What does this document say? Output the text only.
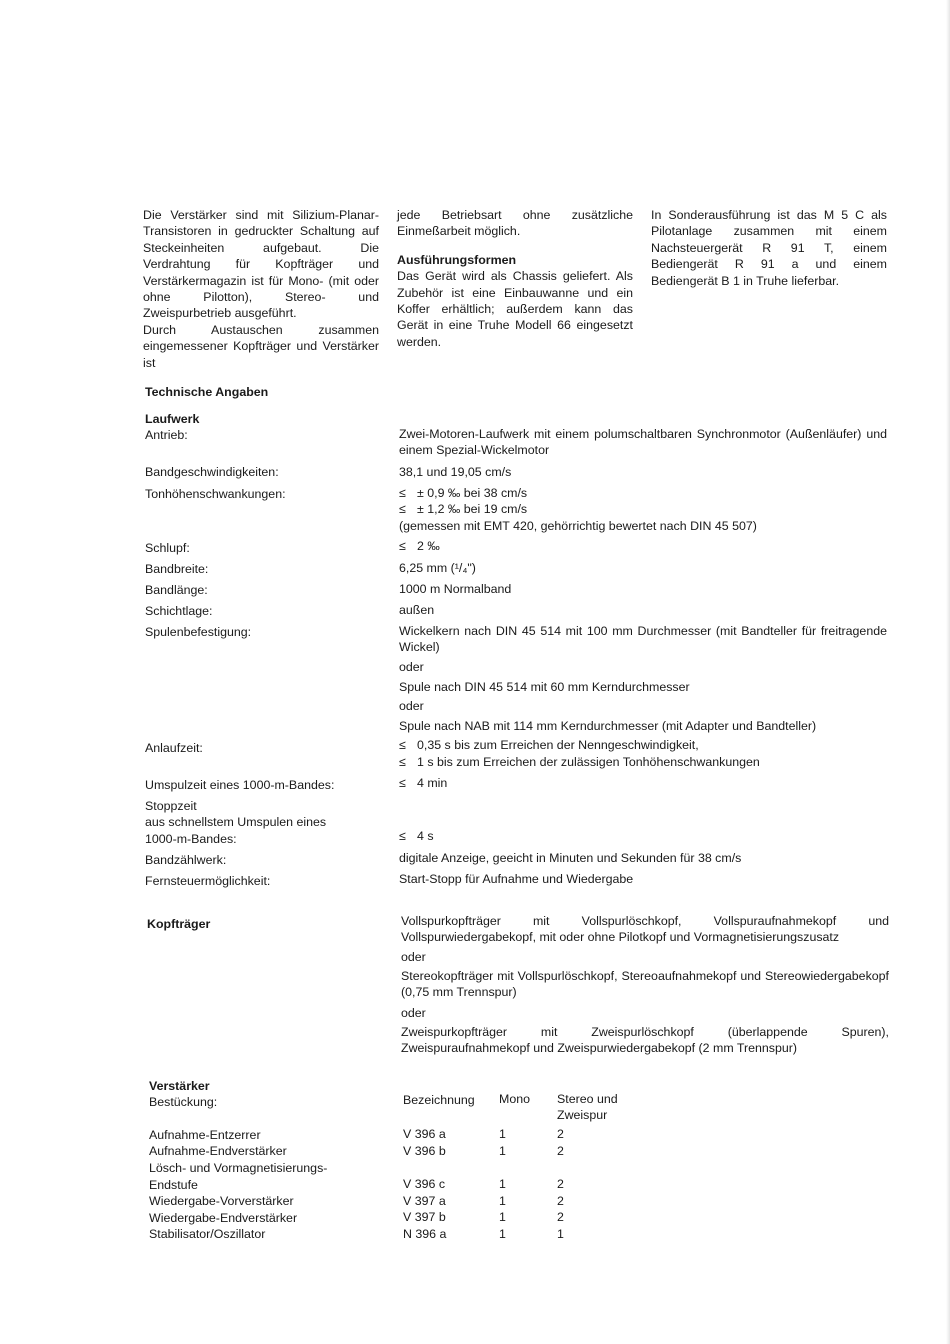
Die Verstärker sind mit Silizium-Planar-Transistoren in gedruckter Schaltung auf Steckeinheiten aufgebaut. Die Verdrahtung für Kopfträger und Verstärkermagazin ist für Mono- (mit oder ohne Pilotton), Stereo- und Zweispurbetrieb ausgeführt.

Durch Austauschen zusammen eingemessener Kopfträger und Verstärker ist

jede Betriebsart ohne zusätzliche Einmeßarbeit möglich.

Ausführungsformen

Das Gerät wird als Chassis geliefert. Als Zubehör ist eine Einbauwanne und ein Koffer erhältlich; außerdem kann das Gerät in eine Truhe Modell 66 eingesetzt werden.

In Sonderausführung ist das M 5 C als Pilotanlage zusammen mit einem Nachsteuergerät R 91 T, einem Bediengerät R 91 a und einem Bediengerät B 1 in Truhe lieferbar.

Technische Angaben
Laufwerk
Antrieb:	Zwei-Motoren-Laufwerk mit einem polumschaltbaren Synchronmotor (Außenläufer) und einem Spezial-Wickelmotor
Bandgeschwindigkeiten:	38,1 und 19,05 cm/s
Tonhöhenschwankungen:	≤ ± 0,9 ‰ bei 38 cm/s
≤ ± 1,2 ‰ bei 19 cm/s
(gemessen mit EMT 420, gehörrichtig bewertet nach DIN 45 507)
Schlupf:	≤ 2 ‰
Bandbreite:	6,25 mm (¹/₄")
Bandlänge:	1000 m Normalband
Schichtlage:	außen
Spulenbefestigung:	Wickelkern nach DIN 45 514 mit 100 mm Durchmesser (mit Bandteller für freitragende Wickel)
oder
Spule nach DIN 45 514 mit 60 mm Kerndurchmesser
oder
Spule nach NAB mit 114 mm Kerndurchmesser (mit Adapter und Bandteller)
Anlaufzeit:	≤ 0,35 s bis zum Erreichen der Nenngeschwindigkeit,
≤ 1 s bis zum Erreichen der zulässigen Tonhöhenschwankungen
Umspulzeit eines 1000-m-Bandes:	≤ 4 min
Stoppzeit
aus schnellstem Umspulen eines
1000-m-Bandes:	≤ 4 s
Bandzählwerk:	digitale Anzeige, geeicht in Minuten und Sekunden für 38 cm/s
Fernsteuermöglichkeit:	Start-Stopp für Aufnahme und Wiedergabe
Kopfträger	Vollspurkopfträger mit Vollspurlöschkopf, Vollspuraufnahmekopf und Vollspurwiedergabekopf, mit oder ohne Pilotkopf und Vormagnetisierungszusatz
oder
Stereokopfträger mit Vollspurlöschkopf, Stereoaufnahmekopf und Stereowiedergabekopf (0,75 mm Trennspur)
oder
Zweispurkopfträger mit Zweispurlöschkopf (überlappende Spuren), Zweispuraufnahmekopf und Zweispurwiedergabekopf (2 mm Trennspur)
Verstärker
Bestückung:	Bezeichnung Mono Stereo und
Zweispur
Aufnahme-Entzerrer	V 396 a	1	2
Aufnahme-Endverstärker	V 396 b	1	2
Lösch- und Vormagnetisierungs-
Endstufe	V 396 c	1	2
Wiedergabe-Vorverstärker	V 397 a	1	2
Wiedergabe-Endverstärker	V 397 b	1	2
Stabilisator/Oszillator	N 396 a	1	1
